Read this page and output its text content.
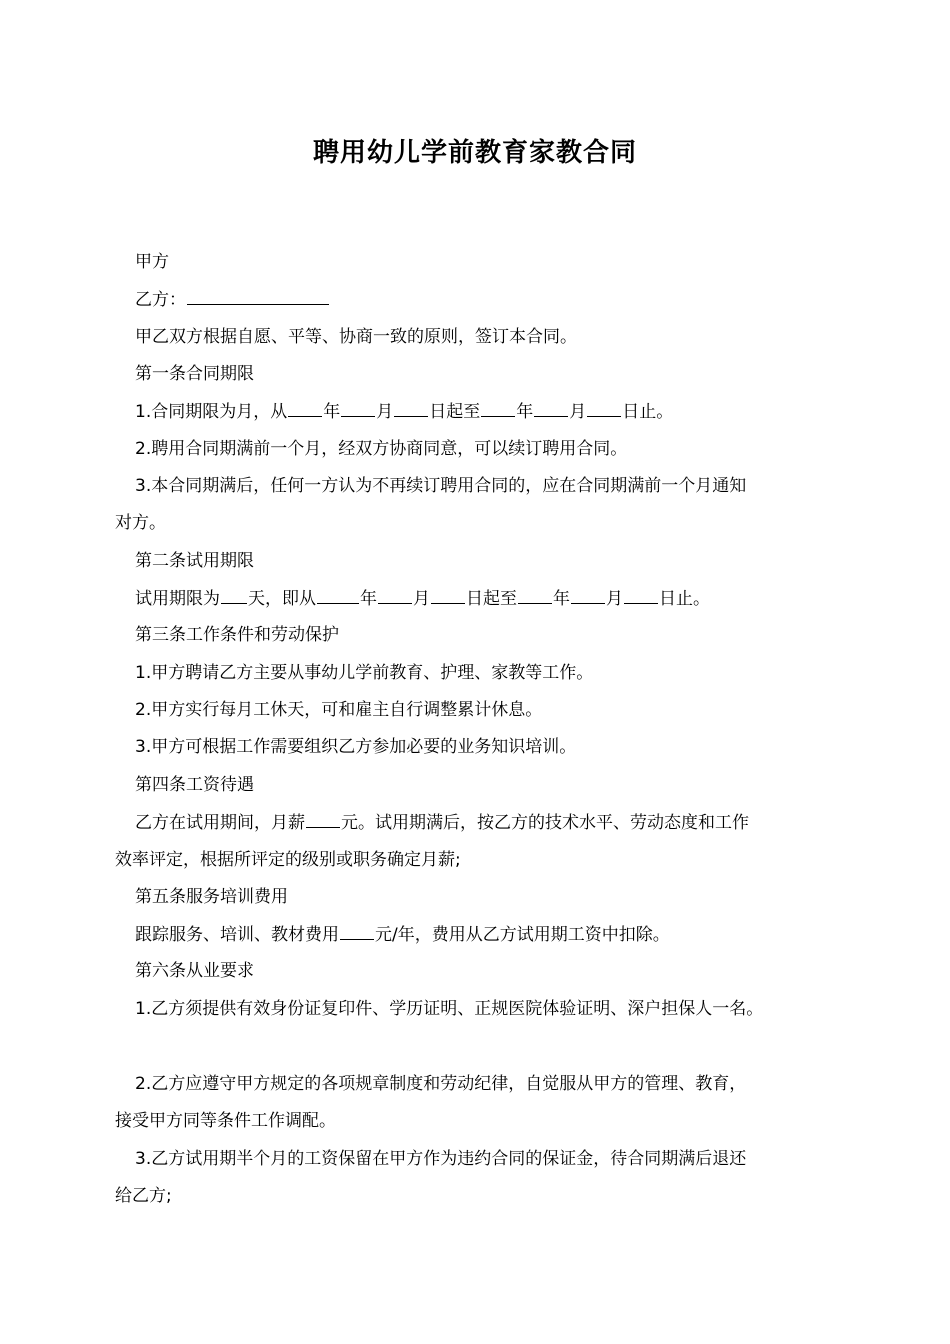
聘用幼儿学前教育家教合同

甲方

乙方：

甲乙双方根据自愿、平等、协商一致的原则，签订本合同。

第一条合同期限

1.合同期限为月，从 年 月 日起至 年 月 日止。

2.聘用合同期满前一个月，经双方协商同意，可以续订聘用合同。

3.本合同期满后，任何一方认为不再续订聘用合同的，应在合同期满前一个月通知

对方。

第二条试用期限

试用期限为 天，即从	年 月 日起至 年 月 日止。

第三条工作条件和劳动保护

1.甲方聘请乙方主要从事幼儿学前教育、护理、家教等工作。

2.甲方实行每月工休天，可和雇主自行调整累计休息。

3.甲方可根据工作需要组织乙方参加必要的业务知识培训。

第四条工资待遇

乙方在试用期间，月薪 元。试用期满后，按乙方的技术水平、劳动态度和工作

效率评定，根据所评定的级别或职务确定月薪;

第五条服务培训费用

跟踪服务、培训、教材费用 元/年，费用从乙方试用期工资中扣除。

第六条从业要求

1.乙方须提供有效身份证复印件、学历证明、正规医院体验证明、深户担保人一名。

2.乙方应遵守甲方规定的各项规章制度和劳动纪律，自觉服从甲方的管理、教育，

接受甲方同等条件工作调配。

3.乙方试用期半个月的工资保留在甲方作为违约合同的保证金，待合同期满后退还

给乙方;
